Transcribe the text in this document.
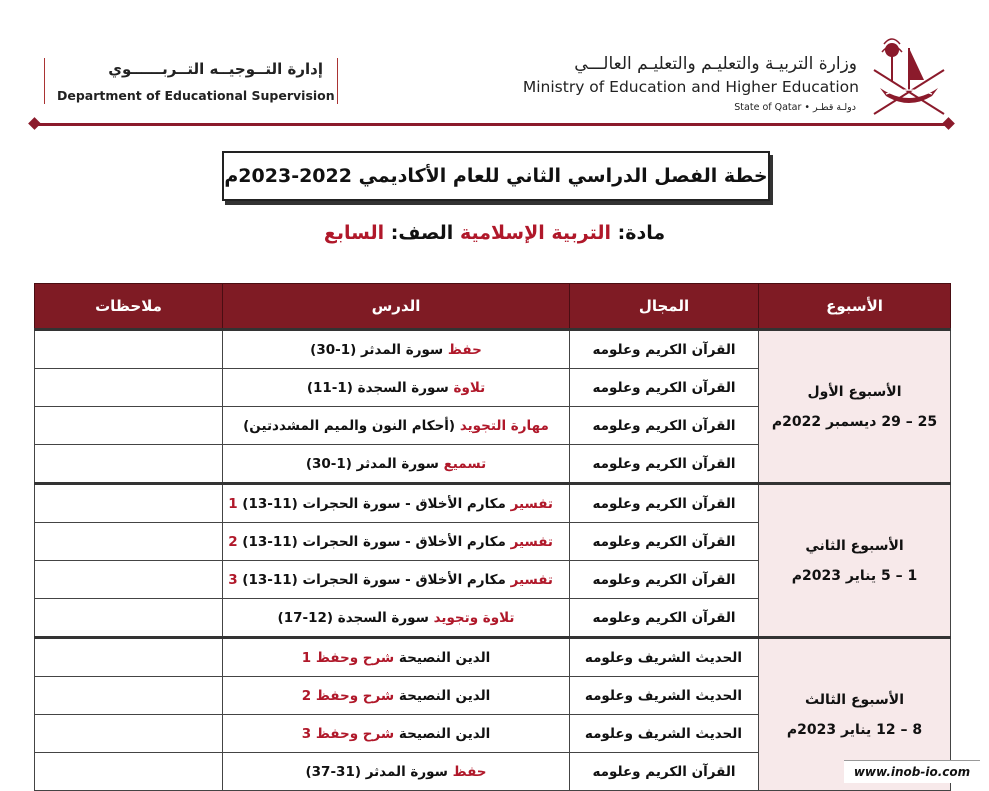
وزارة التربيـة والتعليـم والتعليـم العالـــي
Ministry of Education and Higher Education
State of Qatar • دولـة قطـر
إدارة التــوجيــه التــربــــــوي
Department of Educational Supervision
خطة الفصل الدراسي الثاني للعام الأكاديمي 2022-2023م
مادة: التربية الإسلامية الصف: السابع
الأسبوع	المجال	الدرس	ملاحظات

الأسبوع الأول
25 – 29 ديسمبر 2022م	القرآن الكريم وعلومه	حفظ سورة المدثر (1-30)	
	القرآن الكريم وعلومه	تلاوة سورة السجدة (1-11)	
	القرآن الكريم وعلومه	مهارة التجويد (أحكام النون والميم المشددتين)	
	القرآن الكريم وعلومه	تسميع سورة المدثر (1-30)	

الأسبوع الثاني
1 – 5 يناير 2023م	القرآن الكريم وعلومه	تفسير مكارم الأخلاق - سورة الحجرات (11-13) 1	
	القرآن الكريم وعلومه	تفسير مكارم الأخلاق - سورة الحجرات (11-13) 2	
	القرآن الكريم وعلومه	تفسير مكارم الأخلاق - سورة الحجرات (11-13) 3	
	القرآن الكريم وعلومه	تلاوة وتجويد سورة السجدة (12-17)	

الأسبوع الثالث
8 – 12 يناير 2023م	الحديث الشريف وعلومه	الدين النصيحة شرح وحفظ 1	
	الحديث الشريف وعلومه	الدين النصيحة شرح وحفظ 2	
	الحديث الشريف وعلومه	الدين النصيحة شرح وحفظ 3	
	القرآن الكريم وعلومه	حفظ سورة المدثر (31-37)		www.inob-io.com
